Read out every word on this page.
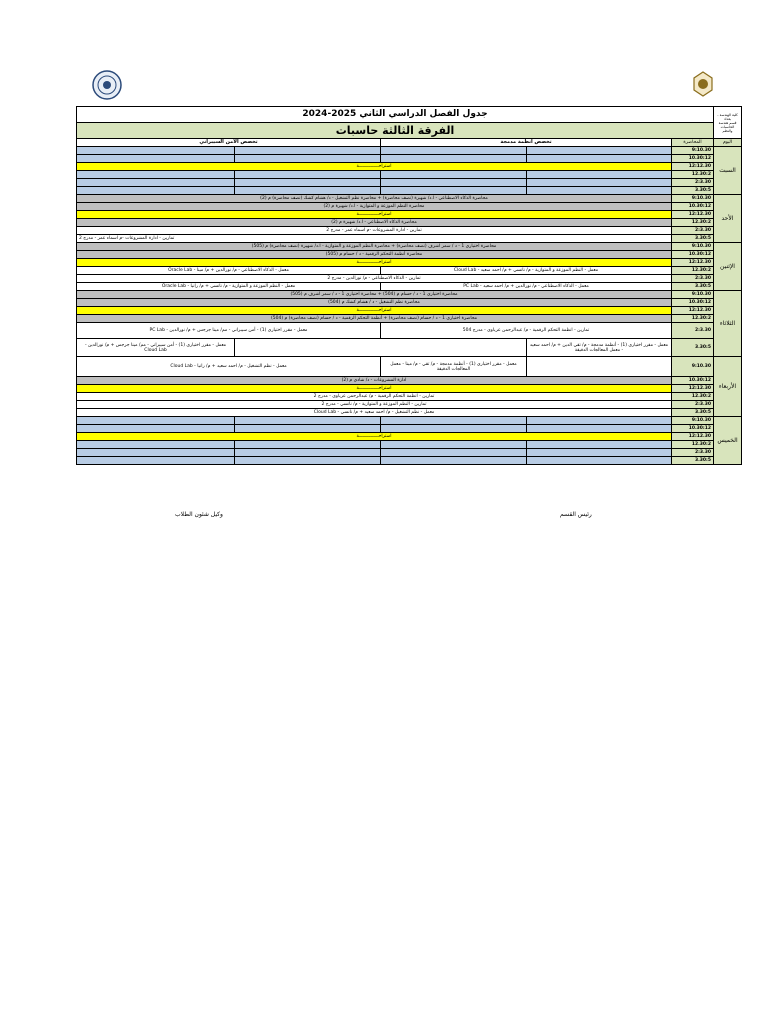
كلية الهندسة - بغداد
قسم هندسة الحاسبات والنظم	جدول الفصل الدراسي الثاني 2025-2024				
	الفرقة الثالثة حاسبات				

اليوم	المحاضرة	تخصص أنظمة مدمجة		تخصص الأمن السيبراني	
السبت	9:10.30				
	10.30:12				
	12:12.30	استراحـــــــــــــــة			
	12.30:2				
	2:3.30				
	3.30:5				
الأحد	9:10.30	محاضرة الذكاء الاصطناعي - ا.د/ شهيرة (نصف محاضرة) + محاضرة نظم التشغيل - د/ هشام كشك (نصف محاضرة) م (2)			
	10.30:12	محاضرة النظم الموزعة و المتوازية - ا.د/ شهيرة م (2)			
	12:12.30	استراحـــــــــــــــة			
	12.30:2	محاضرة الذكاء الاصطناعي - ا.د/ شهيرة م (2)			
	2:3.30	تمارين - ادارة المشروعات -م اسماء عمر - مدرج 2			
	3.30:5	تمارين - ادارة المشروعات -م اسماء عمر - مدرج 2			
الإثنين	9:10.30	محاضرة اختياري 1 - د / سمر اشرف (نصف محاضرة) + محاضرة النظم الموزعة و المتوازية - ا.د/ شهيرة (نصف محاضرة) م (505)			
	10.30:12	محاضرة أنظمة التحكم الرقمية - د / حسام م (505)			
	12:12.30	استراحـــــــــــــــة			
	12.30:2	معمل - النظم الموزعة و المتوازية - م/ نانسي + م/ احمد سعيد - Cloud Lab		معمل - الذكاء الاصطناعي - م/ نورالدين + م/ مينا - Oracle Lab	
	2:3.30	تمارين - الذكاء الاصطناعي - م/ نورالدين - مدرج 2			
	3.30:5	معمل - الذكاء الاصطناعي - م/ نورالدين + م/ احمد سعيد - PC Lab		معمل - النظم الموزعة و المتوازية - م/ نانسي + م/ رانيا - Oracle Lab	
الثلاثاء	9:10.30	محاضرة اختياري 1 - د / حسام م (504) + محاضرة اختياري 1 - د / سمر اشرف م (505)			
	10.30:12	محاضرة نظم التشغيل - د / هشام كشك م (504)			
	12:12.30	استراحـــــــــــــــة			
	12.30:2	محاضرة اختياري 1 - د / حسام (نصف محاضرة) + أنظمة التحكم الرقمية - د / حسام (نصف محاضرة) م (504)			
	2:3.30	تمارين - انظمة التحكم الرقمية - م/ عبدالرحمن عرباوي - مدرج 504		معمل - مقرر اختياري (1) - أمن سيبراني - مم/ مينا جرجس + م/ نورالدين - PC Lab	
	3.30:5	معمل - مقرر اختياري (1) - أنظمة مدمجة - م/ تقي الدين + م/ احمد سعيد - معمل المعالجات الدقيقة			معمل - مقرر اختياري (1) - أمن سيبراني - مم/ مينا جرجس + م/ نورالدين - Cloud Lab
الأربعاء	9:10.30		معمل - مقرر اختياري (1) - أنظمة مدمجة - م/ تقي - م/ مينا - معمل المعالجات الدقيقة	معمل - نظم التشغيل - م/ احمد سعيد + م/ رانيا - Cloud Lab	
	10.30:12	ادارة المشروعات - د/ شادي م (2)			
	12:12.30	استراحـــــــــــــــة			
	12.30:2	تمارين - انظمة التحكم الرقمية - م/ عبدالرحمن عرباوي - مدرج 2			
	2:3.30	تمارين - النظم الموزعة و المتوازية - م/ نانسي - مدرج 2			
	3.30:5	معمل - نظم التشغيل - م/ احمد سعيد + م/ نانسي - Cloud Lab			
الخميس	9:10.30				
	10.30:12				
	12:12.30	استراحـــــــــــــــة			
	12.30:2				
	2:3.30				
	3.30:5				
رئيس القسم
وكيل شئون الطلاب
